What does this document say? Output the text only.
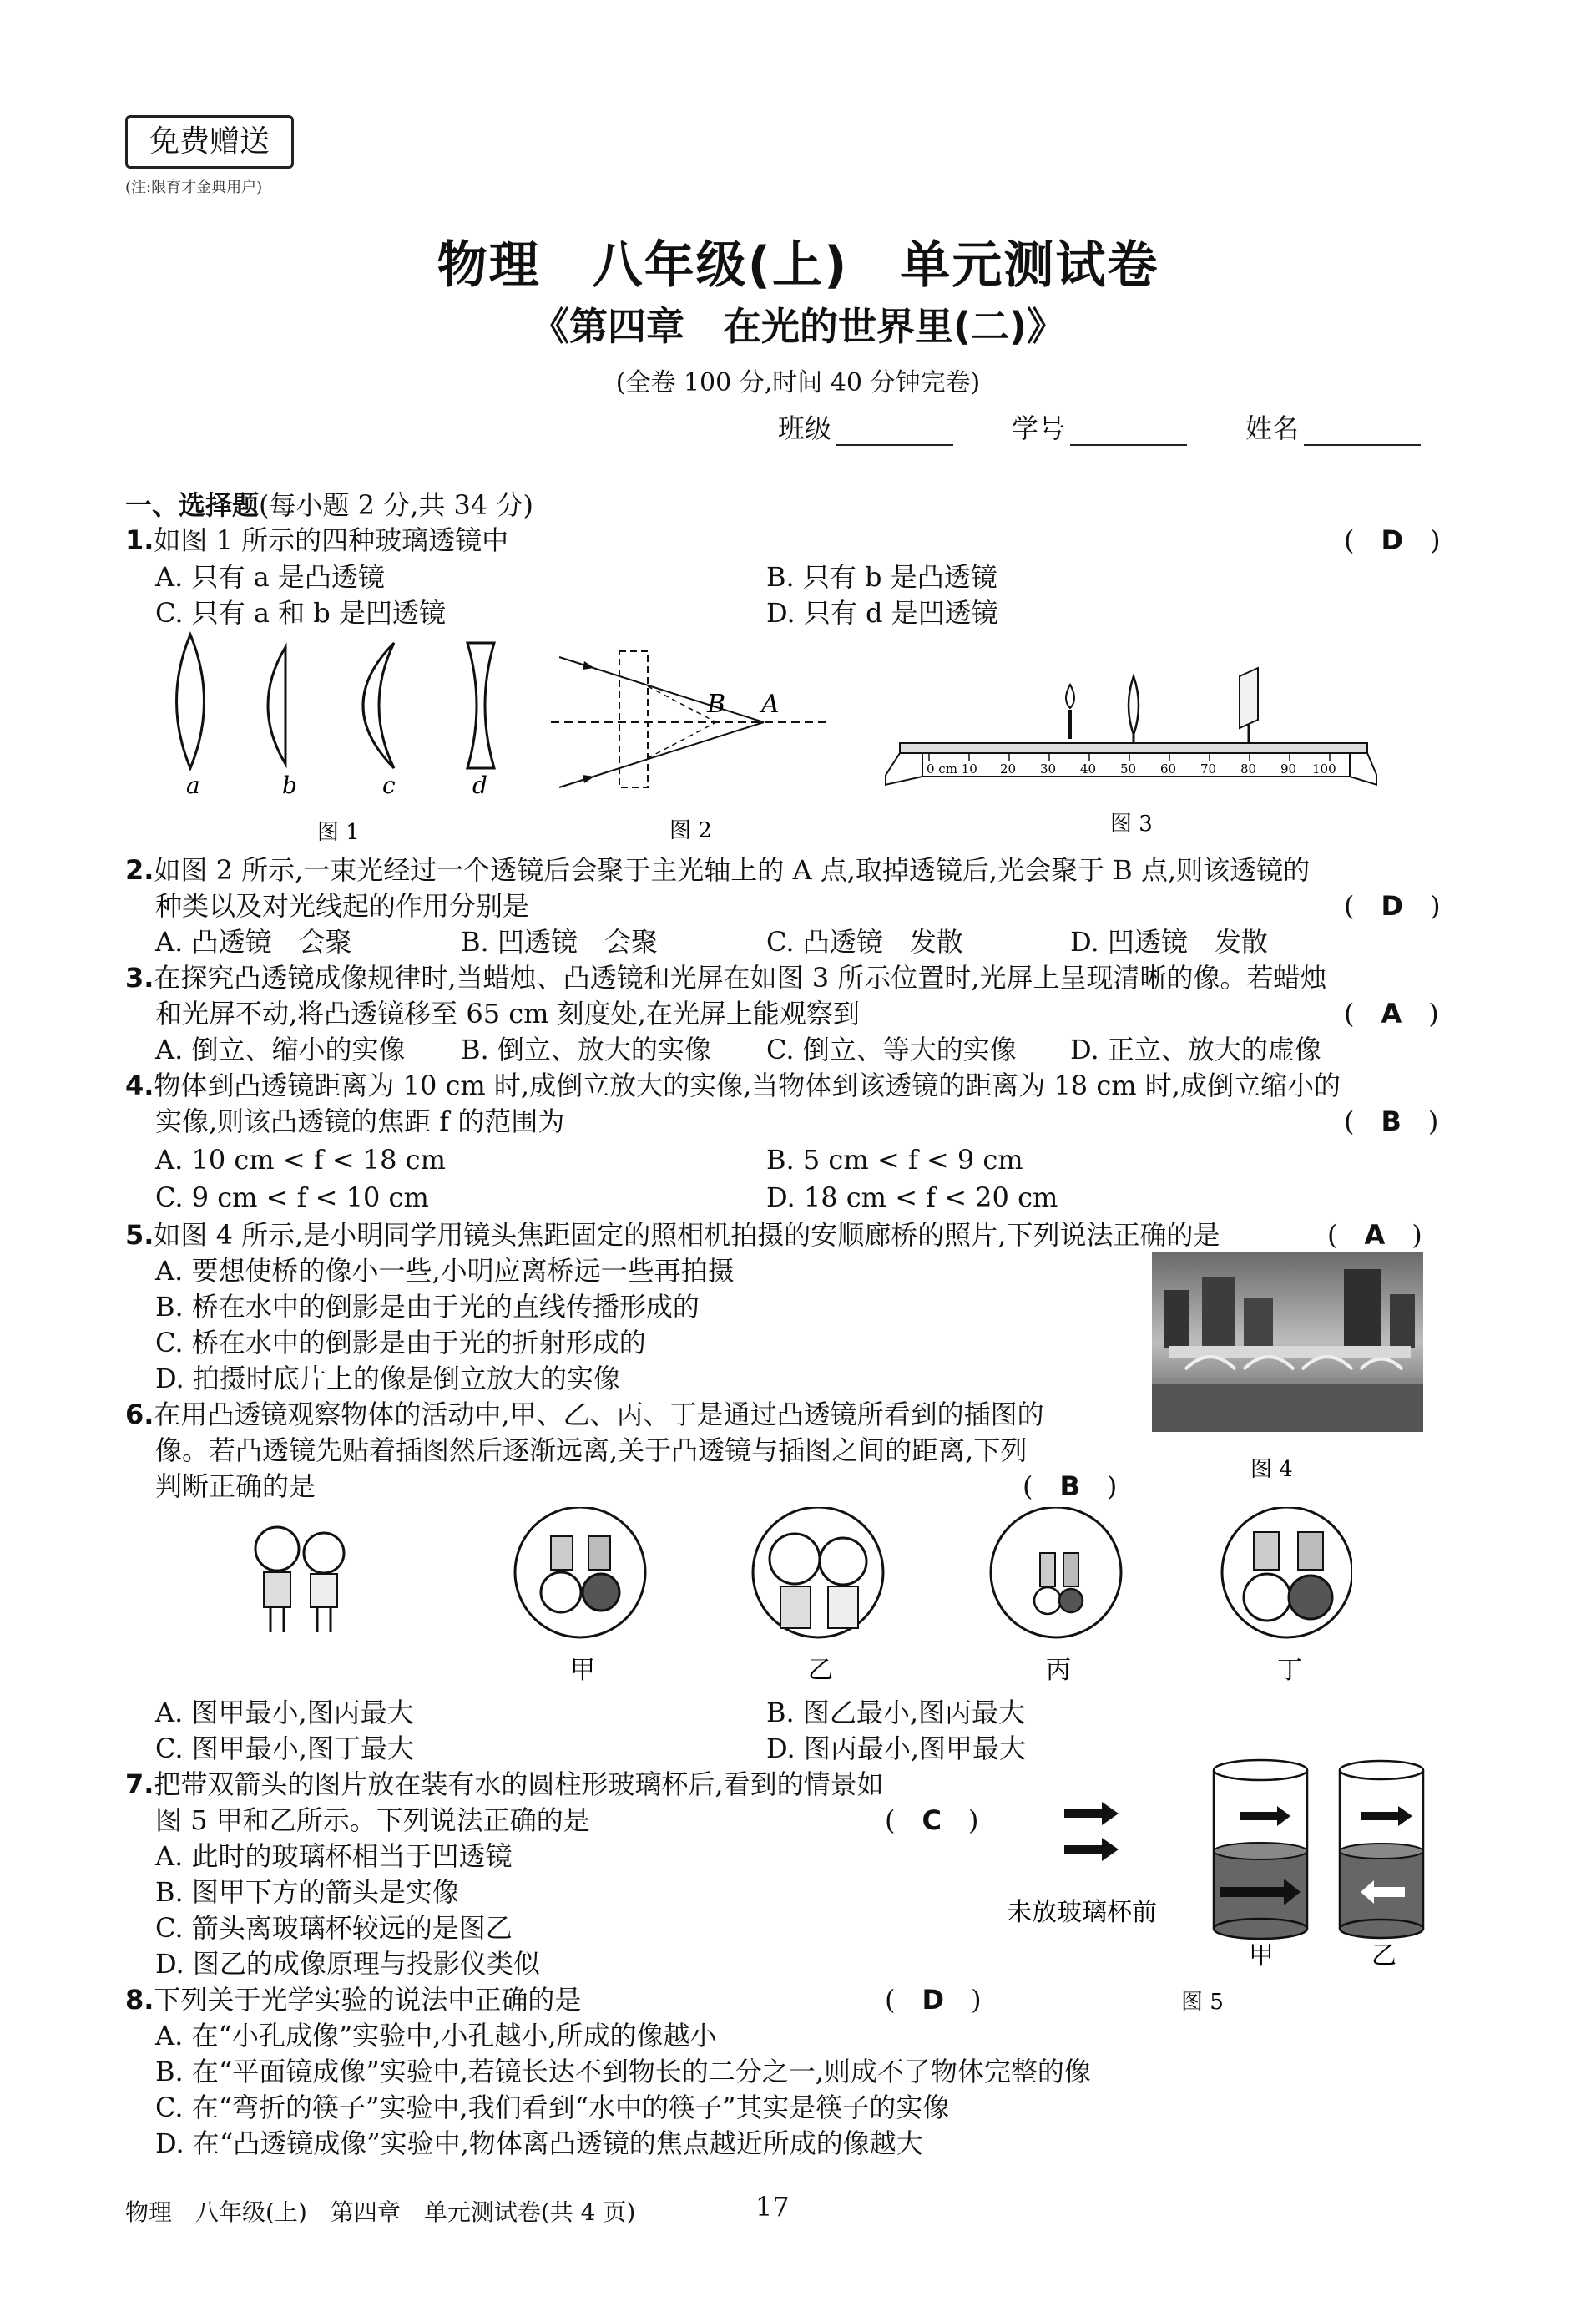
免费赠送
(注:限育才金典用户)
物理　八年级(上)　单元测试卷
《第四章　在光的世界里(二)》
(全卷 100 分,时间 40 分钟完卷)
班级	学号	姓名
一、选择题(每小题 2 分,共 34 分)
1.如图 1 所示的四种玻璃透镜中	(　D　)
A. 只有 a 是凸透镜	B. 只有 b 是凸透镜
C. 只有 a 和 b 是凹透镜	D. 只有 d 是凹透镜
a	b	c	d
图 1
B A
图 2
0 cm 10 20 30 40 50 60 70 80 90 100
图 3
2.如图 2 所示,一束光经过一个透镜后会聚于主光轴上的 A 点,取掉透镜后,光会聚于 B 点,则该透镜的
种类以及对光线起的作用分别是	(　D　)
A. 凸透镜　会聚	B. 凹透镜　会聚	C. 凸透镜　发散	D. 凹透镜　发散
3.在探究凸透镜成像规律时,当蜡烛、凸透镜和光屏在如图 3 所示位置时,光屏上呈现清晰的像。若蜡烛
和光屏不动,将凸透镜移至 65 cm 刻度处,在光屏上能观察到	(　A　)
A. 倒立、缩小的实像 B. 倒立、放大的实像 C. 倒立、等大的实像 D. 正立、放大的虚像
4.物体到凸透镜距离为 10 cm 时,成倒立放大的实像,当物体到该透镜的距离为 18 cm 时,成倒立缩小的
实像,则该凸透镜的焦距 f 的范围为	(　B　)
A. 10 cm < f < 18 cm	B. 5 cm < f < 9 cm
C. 9 cm < f < 10 cm	D. 18 cm < f < 20 cm
5.如图 4 所示,是小明同学用镜头焦距固定的照相机拍摄的安顺廊桥的照片,下列说法正确的是	(　A　)
A. 要想使桥的像小一些,小明应离桥远一些再拍摄
B. 桥在水中的倒影是由于光的直线传播形成的
C. 桥在水中的倒影是由于光的折射形成的
D. 拍摄时底片上的像是倒立放大的实像
图 4
6.在用凸透镜观察物体的活动中,甲、乙、丙、丁是通过凸透镜所看到的插图的
像。若凸透镜先贴着插图然后逐渐远离,关于凸透镜与插图之间的距离,下列
判断正确的是	(　B　)
甲	乙	丙	丁
A. 图甲最小,图丙最大	B. 图乙最小,图丙最大
C. 图甲最小,图丁最大	D. 图丙最小,图甲最大
7.把带双箭头的图片放在装有水的圆柱形玻璃杯后,看到的情景如
图 5 甲和乙所示。下列说法正确的是	(　C　)
A. 此时的玻璃杯相当于凹透镜
B. 图甲下方的箭头是实像
C. 箭头离玻璃杯较远的是图乙
D. 图乙的成像原理与投影仪类似
未放玻璃杯前
甲	乙
图 5
8.下列关于光学实验的说法中正确的是	(　D　)
A. 在“小孔成像”实验中,小孔越小,所成的像越小
B. 在“平面镜成像”实验中,若镜长达不到物长的二分之一,则成不了物体完整的像
C. 在“弯折的筷子”实验中,我们看到“水中的筷子”其实是筷子的实像
D. 在“凸透镜成像”实验中,物体离凸透镜的焦点越近所成的像越大
物理　八年级(上)　第四章　单元测试卷(共 4 页)	17
